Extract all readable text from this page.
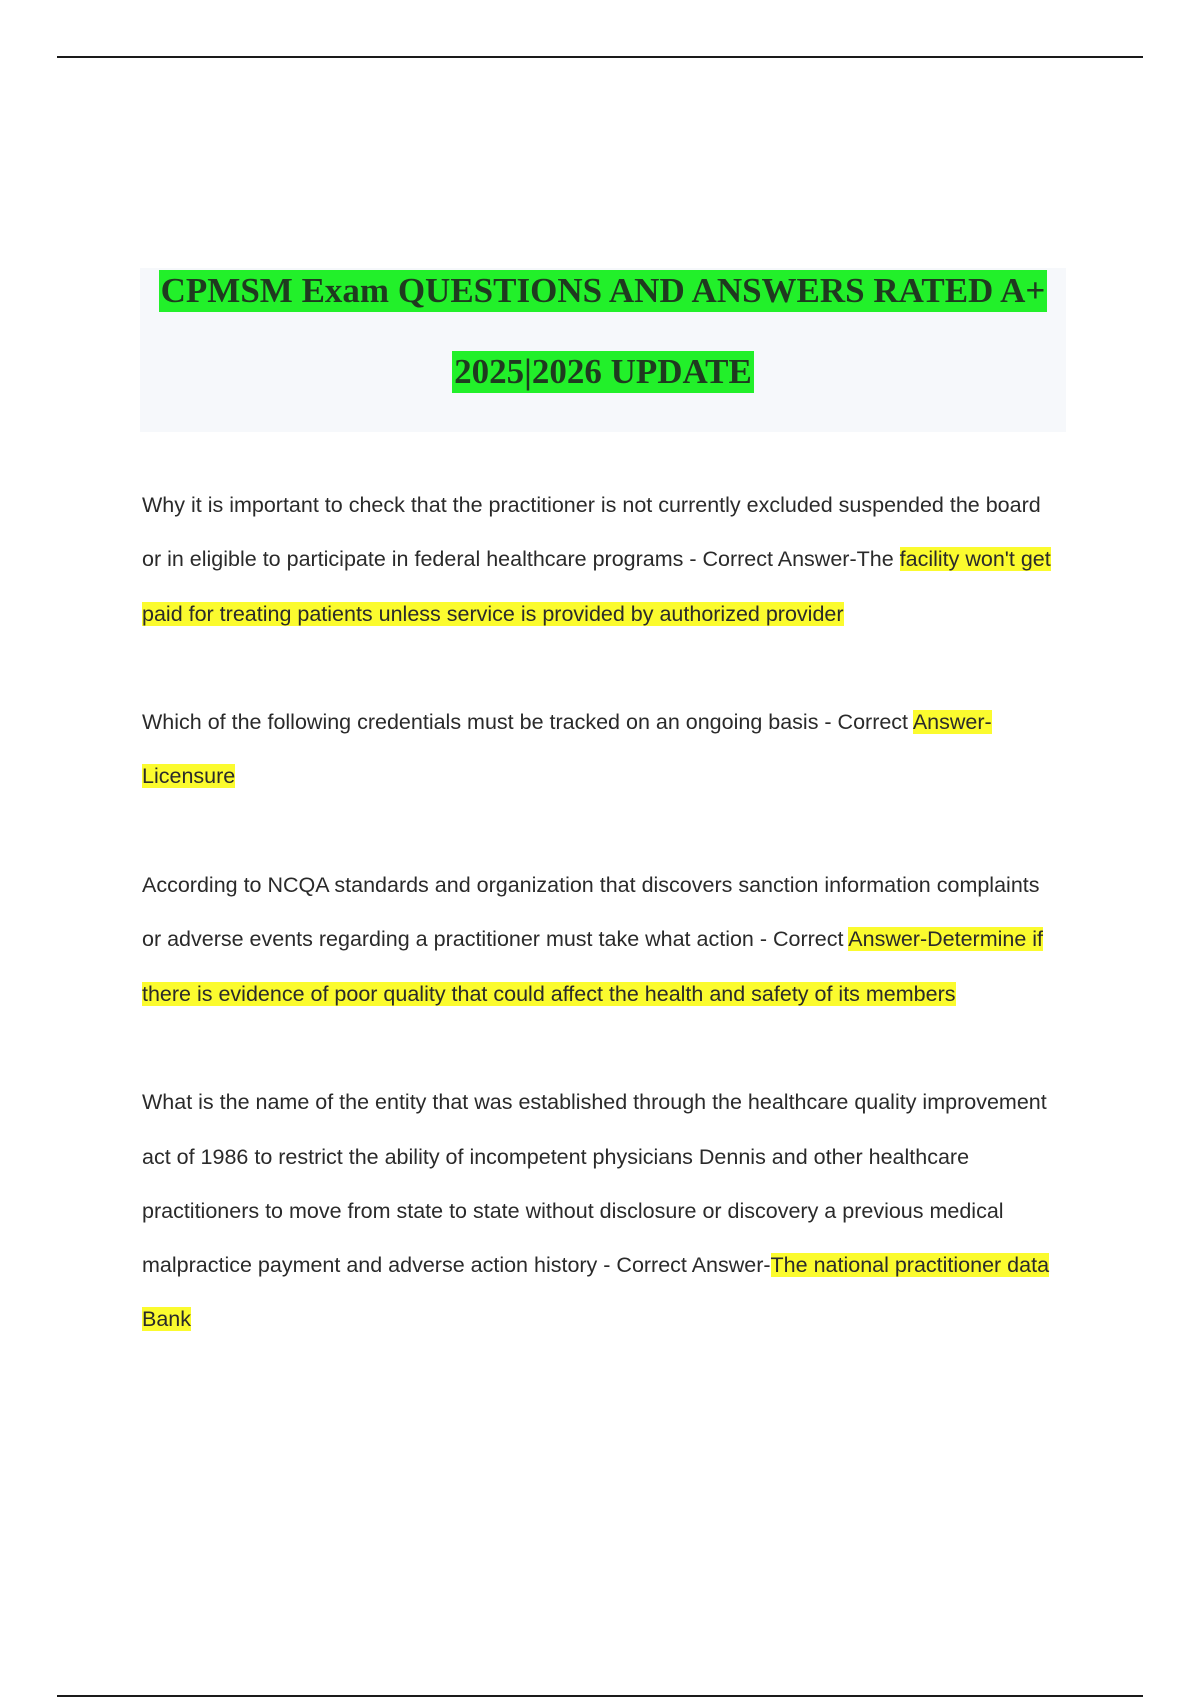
CPMSM Exam QUESTIONS AND ANSWERS RATED A+
2025|2026 UPDATE

Why it is important to check that the practitioner is not currently excluded suspended the board or in eligible to participate in federal healthcare programs - Correct Answer-The facility won't get paid for treating patients unless service is provided by authorized provider

Which of the following credentials must be tracked on an ongoing basis - Correct Answer-Licensure

According to NCQA standards and organization that discovers sanction information complaints or adverse events regarding a practitioner must take what action - Correct Answer-Determine if there is evidence of poor quality that could affect the health and safety of its members

What is the name of the entity that was established through the healthcare quality improvement act of 1986 to restrict the ability of incompetent physicians Dennis and other healthcare practitioners to move from state to state without disclosure or discovery a previous medical malpractice payment and adverse action history - Correct Answer-The national practitioner data Bank
